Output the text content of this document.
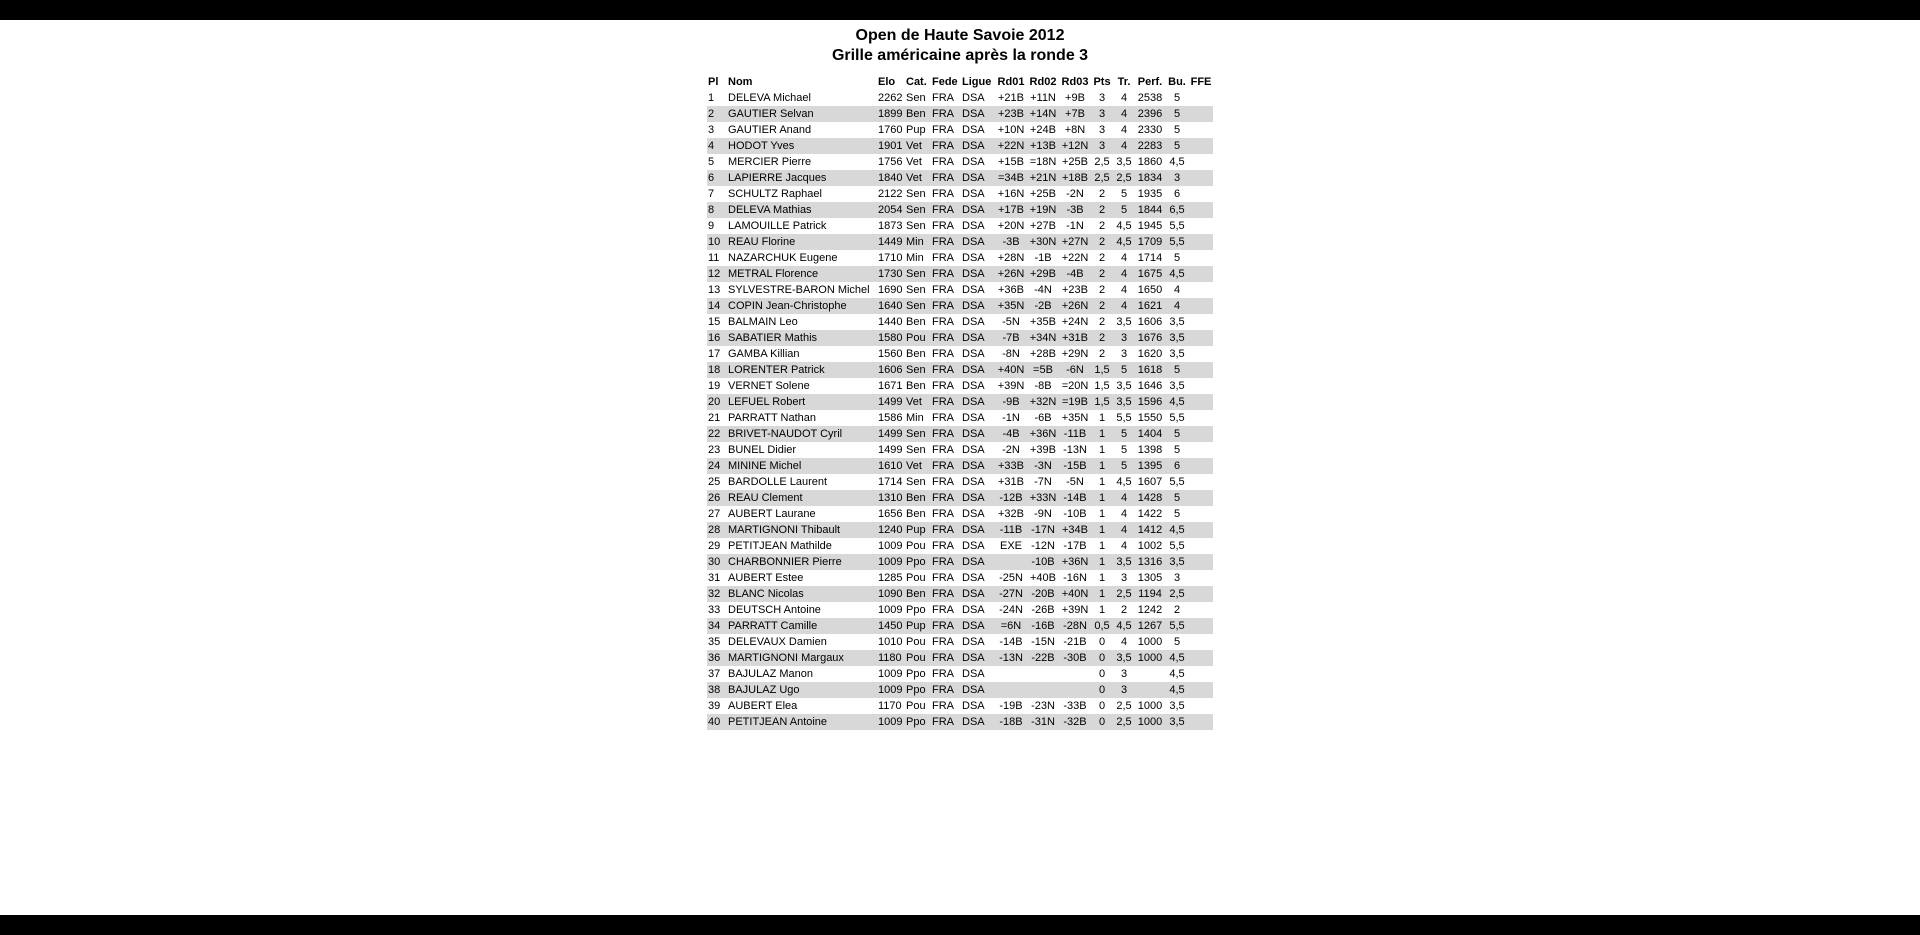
Open de Haute Savoie 2012
Grille américaine après la ronde 3
Pl	Nom	Elo	Cat.	Fede	Ligue	Rd01	Rd02	Rd03	Pts	Tr.	Perf.	Bu.	FFE
1	DELEVA Michael	2262	Sen	FRA	DSA	+21B	+11N	+9B	3	4	2538	5	
2	GAUTIER Selvan	1899	Ben	FRA	DSA	+23B	+14N	+7B	3	4	2396	5	
3	GAUTIER Anand	1760	Pup	FRA	DSA	+10N	+24B	+8N	3	4	2330	5	
4	HODOT Yves	1901	Vet	FRA	DSA	+22N	+13B	+12N	3	4	2283	5	
5	MERCIER Pierre	1756	Vet	FRA	DSA	+15B	=18N	+25B	2,5	3,5	1860	4,5	
6	LAPIERRE Jacques	1840	Vet	FRA	DSA	=34B	+21N	+18B	2,5	2,5	1834	3	
7	SCHULTZ Raphael	2122	Sen	FRA	DSA	+16N	+25B	-2N	2	5	1935	6	
8	DELEVA Mathias	2054	Sen	FRA	DSA	+17B	+19N	-3B	2	5	1844	6,5	
9	LAMOUILLE Patrick	1873	Sen	FRA	DSA	+20N	+27B	-1N	2	4,5	1945	5,5	
10	REAU Florine	1449	Min	FRA	DSA	-3B	+30N	+27N	2	4,5	1709	5,5	
11	NAZARCHUK Eugene	1710	Min	FRA	DSA	+28N	-1B	+22N	2	4	1714	5	
12	METRAL Florence	1730	Sen	FRA	DSA	+26N	+29B	-4B	2	4	1675	4,5	
13	SYLVESTRE-BARON Michel	1690	Sen	FRA	DSA	+36B	-4N	+23B	2	4	1650	4	
14	COPIN Jean-Christophe	1640	Sen	FRA	DSA	+35N	-2B	+26N	2	4	1621	4	
15	BALMAIN Leo	1440	Ben	FRA	DSA	-5N	+35B	+24N	2	3,5	1606	3,5	
16	SABATIER Mathis	1580	Pou	FRA	DSA	-7B	+34N	+31B	2	3	1676	3,5	
17	GAMBA Killian	1560	Ben	FRA	DSA	-8N	+28B	+29N	2	3	1620	3,5	
18	LORENTER Patrick	1606	Sen	FRA	DSA	+40N	=5B	-6N	1,5	5	1618	5	
19	VERNET Solene	1671	Ben	FRA	DSA	+39N	-8B	=20N	1,5	3,5	1646	3,5	
20	LEFUEL Robert	1499	Vet	FRA	DSA	-9B	+32N	=19B	1,5	3,5	1596	4,5	
21	PARRATT Nathan	1586	Min	FRA	DSA	-1N	-6B	+35N	1	5,5	1550	5,5	
22	BRIVET-NAUDOT Cyril	1499	Sen	FRA	DSA	-4B	+36N	-11B	1	5	1404	5	
23	BUNEL Didier	1499	Sen	FRA	DSA	-2N	+39B	-13N	1	5	1398	5	
24	MININE Michel	1610	Vet	FRA	DSA	+33B	-3N	-15B	1	5	1395	6	
25	BARDOLLE Laurent	1714	Sen	FRA	DSA	+31B	-7N	-5N	1	4,5	1607	5,5	
26	REAU Clement	1310	Ben	FRA	DSA	-12B	+33N	-14B	1	4	1428	5	
27	AUBERT Laurane	1656	Ben	FRA	DSA	+32B	-9N	-10B	1	4	1422	5	
28	MARTIGNONI Thibault	1240	Pup	FRA	DSA	-11B	-17N	+34B	1	4	1412	4,5	
29	PETITJEAN Mathilde	1009	Pou	FRA	DSA	EXE	-12N	-17B	1	4	1002	5,5	
30	CHARBONNIER Pierre	1009	Ppo	FRA	DSA		-10B	+36N	1	3,5	1316	3,5	
31	AUBERT Estee	1285	Pou	FRA	DSA	-25N	+40B	-16N	1	3	1305	3	
32	BLANC Nicolas	1090	Ben	FRA	DSA	-27N	-20B	+40N	1	2,5	1194	2,5	
33	DEUTSCH Antoine	1009	Ppo	FRA	DSA	-24N	-26B	+39N	1	2	1242	2	
34	PARRATT Camille	1450	Pup	FRA	DSA	=6N	-16B	-28N	0,5	4,5	1267	5,5	
35	DELEVAUX Damien	1010	Pou	FRA	DSA	-14B	-15N	-21B	0	4	1000	5	
36	MARTIGNONI Margaux	1180	Pou	FRA	DSA	-13N	-22B	-30B	0	3,5	1000	4,5	
37	BAJULAZ Manon	1009	Ppo	FRA	DSA				0	3		4,5	
38	BAJULAZ Ugo	1009	Ppo	FRA	DSA				0	3		4,5	
39	AUBERT Elea	1170	Pou	FRA	DSA	-19B	-23N	-33B	0	2,5	1000	3,5	
40	PETITJEAN Antoine	1009	Ppo	FRA	DSA	-18B	-31N	-32B	0	2,5	1000	3,5	
